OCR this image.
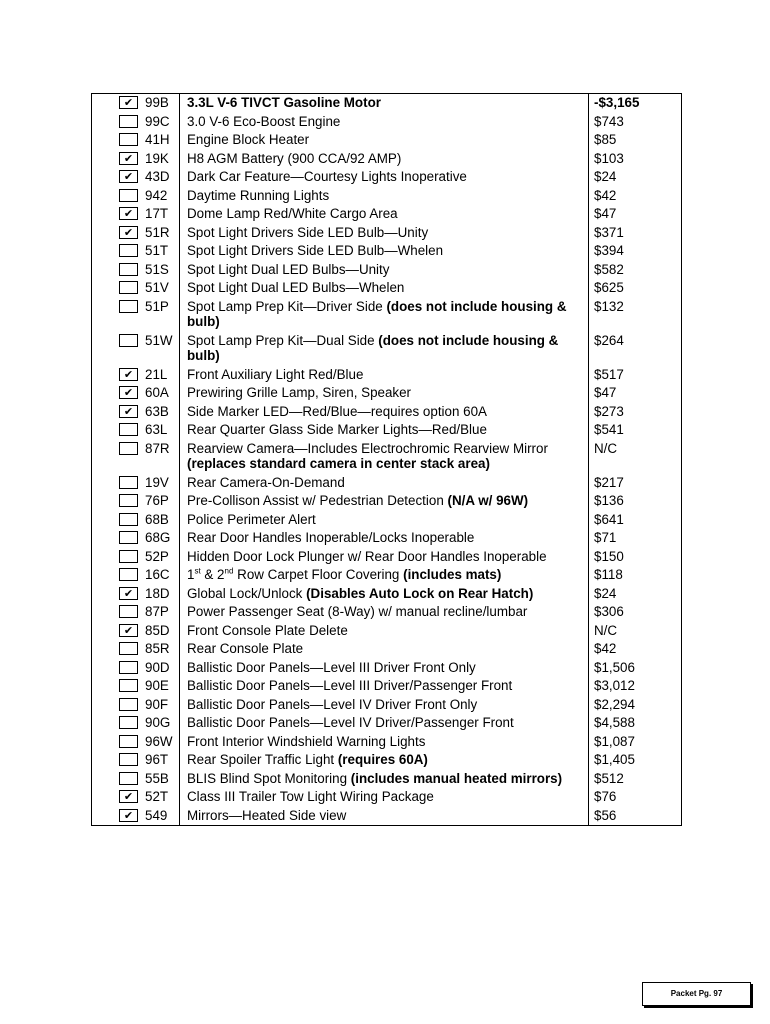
✔ 99B	3.3L V-6 TIVCT Gasoline Motor	-$3,165

99C	3.0 V-6 Eco-Boost Engine	$743

41H	Engine Block Heater	$85

✔ 19K	H8 AGM Battery (900 CCA/92 AMP)	$103

✔ 43D	Dark Car Feature—Courtesy Lights Inoperative	$24

942	Daytime Running Lights	$42

✔ 17T	Dome Lamp Red/White Cargo Area	$47

✔ 51R	Spot Light Drivers Side LED Bulb—Unity	$371

51T	Spot Light Drivers Side LED Bulb—Whelen	$394

51S	Spot Light Dual LED Bulbs—Unity	$582

51V	Spot Light Dual LED Bulbs—Whelen	$625

51P	Spot Lamp Prep Kit—Driver Side (does not include housing & bulb)	$132

51W	Spot Lamp Prep Kit—Dual Side (does not include housing & bulb)	$264

✔ 21L	Front Auxiliary Light Red/Blue	$517

✔ 60A	Prewiring Grille Lamp, Siren, Speaker	$47

✔ 63B	Side Marker LED—Red/Blue—requires option 60A	$273

63L	Rear Quarter Glass Side Marker Lights—Red/Blue	$541

87R	Rearview Camera—Includes Electrochromic Rearview Mirror (replaces standard camera in center stack area)	N/C

19V	Rear Camera-On-Demand	$217

76P	Pre-Collison Assist w/ Pedestrian Detection (N/A w/ 96W)	$136

68B	Police Perimeter Alert	$641

68G	Rear Door Handles Inoperable/Locks Inoperable	$71

52P	Hidden Door Lock Plunger w/ Rear Door Handles Inoperable	$150

16C	1st & 2nd Row Carpet Floor Covering (includes mats)	$118

✔ 18D	Global Lock/Unlock (Disables Auto Lock on Rear Hatch)	$24

87P	Power Passenger Seat (8-Way) w/ manual recline/lumbar	$306

✔ 85D	Front Console Plate Delete	N/C

85R	Rear Console Plate	$42

90D	Ballistic Door Panels—Level III Driver Front Only	$1,506

90E	Ballistic Door Panels—Level III Driver/Passenger Front	$3,012

90F	Ballistic Door Panels—Level IV Driver Front Only	$2,294

90G	Ballistic Door Panels—Level IV Driver/Passenger Front	$4,588

96W	Front Interior Windshield Warning Lights	$1,087

96T	Rear Spoiler Traffic Light (requires 60A)	$1,405

55B	BLIS Blind Spot Monitoring (includes manual heated mirrors)	$512

✔ 52T	Class III Trailer Tow Light Wiring Package	$76

✔ 549	Mirrors—Heated Side view	$56
Packet Pg. 97
